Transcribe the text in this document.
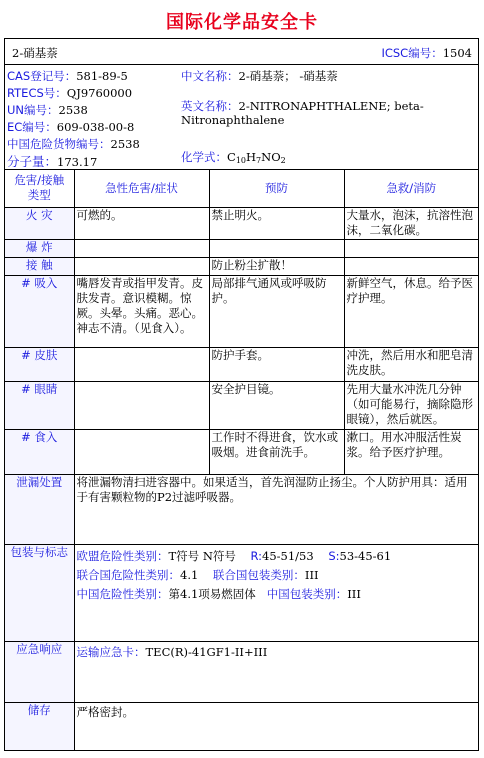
国际化学品安全卡
2-硝基萘	ICSC编号：1504
CAS登记号：581-89-5
RTECS号：QJ9760000
UN编号：2538
EC编号：609-038-00-8
中国危险货物编号：2538
分子量：173.17
中文名称：2-硝基萘； -硝基萘
英文名称：2-NITRONAPHTHALENE; beta-
Nitronaphthalene
化学式：$C_{10}H_7NO_2$
危害/接触类型	急性危害/症状	预防	急救/消防
火 灾	可燃的。	禁止明火。	大量水，泡沫，抗溶性泡沫，二氧化碳。
爆 炸			
接 触		防止粉尘扩散！	
# 吸入	嘴唇发青或指甲发青。皮肤发青。意识模糊。惊厥。头晕。头痛。恶心。神志不清。（见食入）。	局部排气通风或呼吸防护。	新鲜空气，休息。给予医疗护理。
# 皮肤		防护手套。	冲洗，然后用水和肥皂清洗皮肤。
# 眼睛		安全护目镜。	先用大量水冲洗几分钟（如可能易行，摘除隐形眼镜），然后就医。
# 食入		工作时不得进食，饮水或吸烟。进食前洗手。	漱口。用水冲服活性炭浆。给予医疗护理。
泄漏处置	将泄漏物清扫进容器中。如果适当，首先润湿防止扬尘。个人防护用具：适用于有害颗粒物的P2过滤呼吸器。		
包装与标志	欧盟危险性类别：T符号 N符号 R:45-51/53 S:53-45-61
联合国危险性类别：4.1 联合国包装类别：III
中国危险性类别：第4.1项易燃固体 中国包装类别：III		

应急响应	运输应急卡：TEC(R)-41GF1-II+III		
储存	严格密封。		
